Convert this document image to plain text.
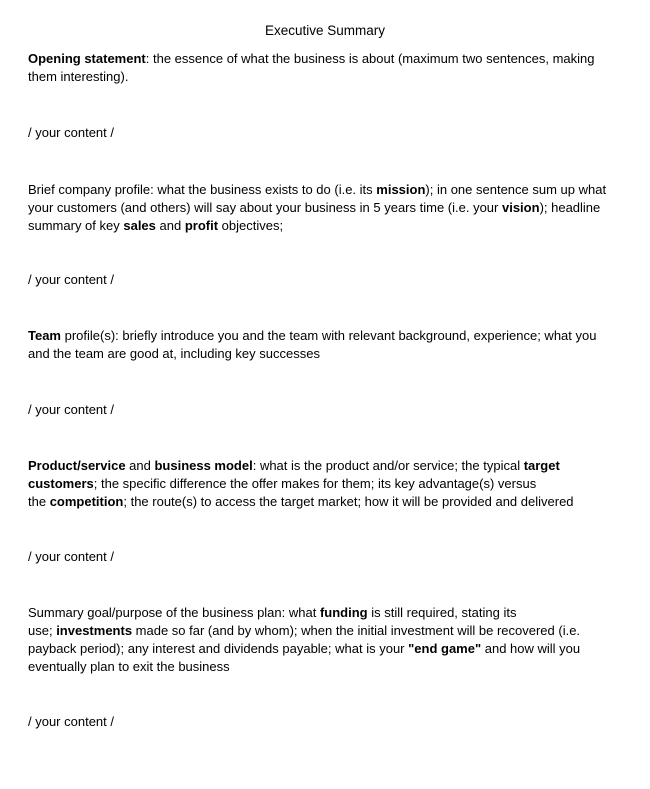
Executive Summary
Opening statement: the essence of what the business is about (maximum two sentences, making
them interesting).
/ your content /
Brief company profile: what the business exists to do (i.e. its mission); in one sentence sum up what
your customers (and others) will say about your business in 5 years time (i.e. your vision); headline
summary of key sales and profit objectives;
/ your content /
Team profile(s): briefly introduce you and the team with relevant background, experience; what you
and the team are good at, including key successes
/ your content /
Product/service and business model: what is the product and/or service; the typical target
customers; the specific difference the offer makes for them; its key advantage(s) versus
the competition; the route(s) to access the target market; how it will be provided and delivered
/ your content /
Summary goal/purpose of the business plan: what funding is still required, stating its
use; investments made so far (and by whom); when the initial investment will be recovered (i.e.
payback period); any interest and dividends payable; what is your "end game" and how will you
eventually plan to exit the business
/ your content /
